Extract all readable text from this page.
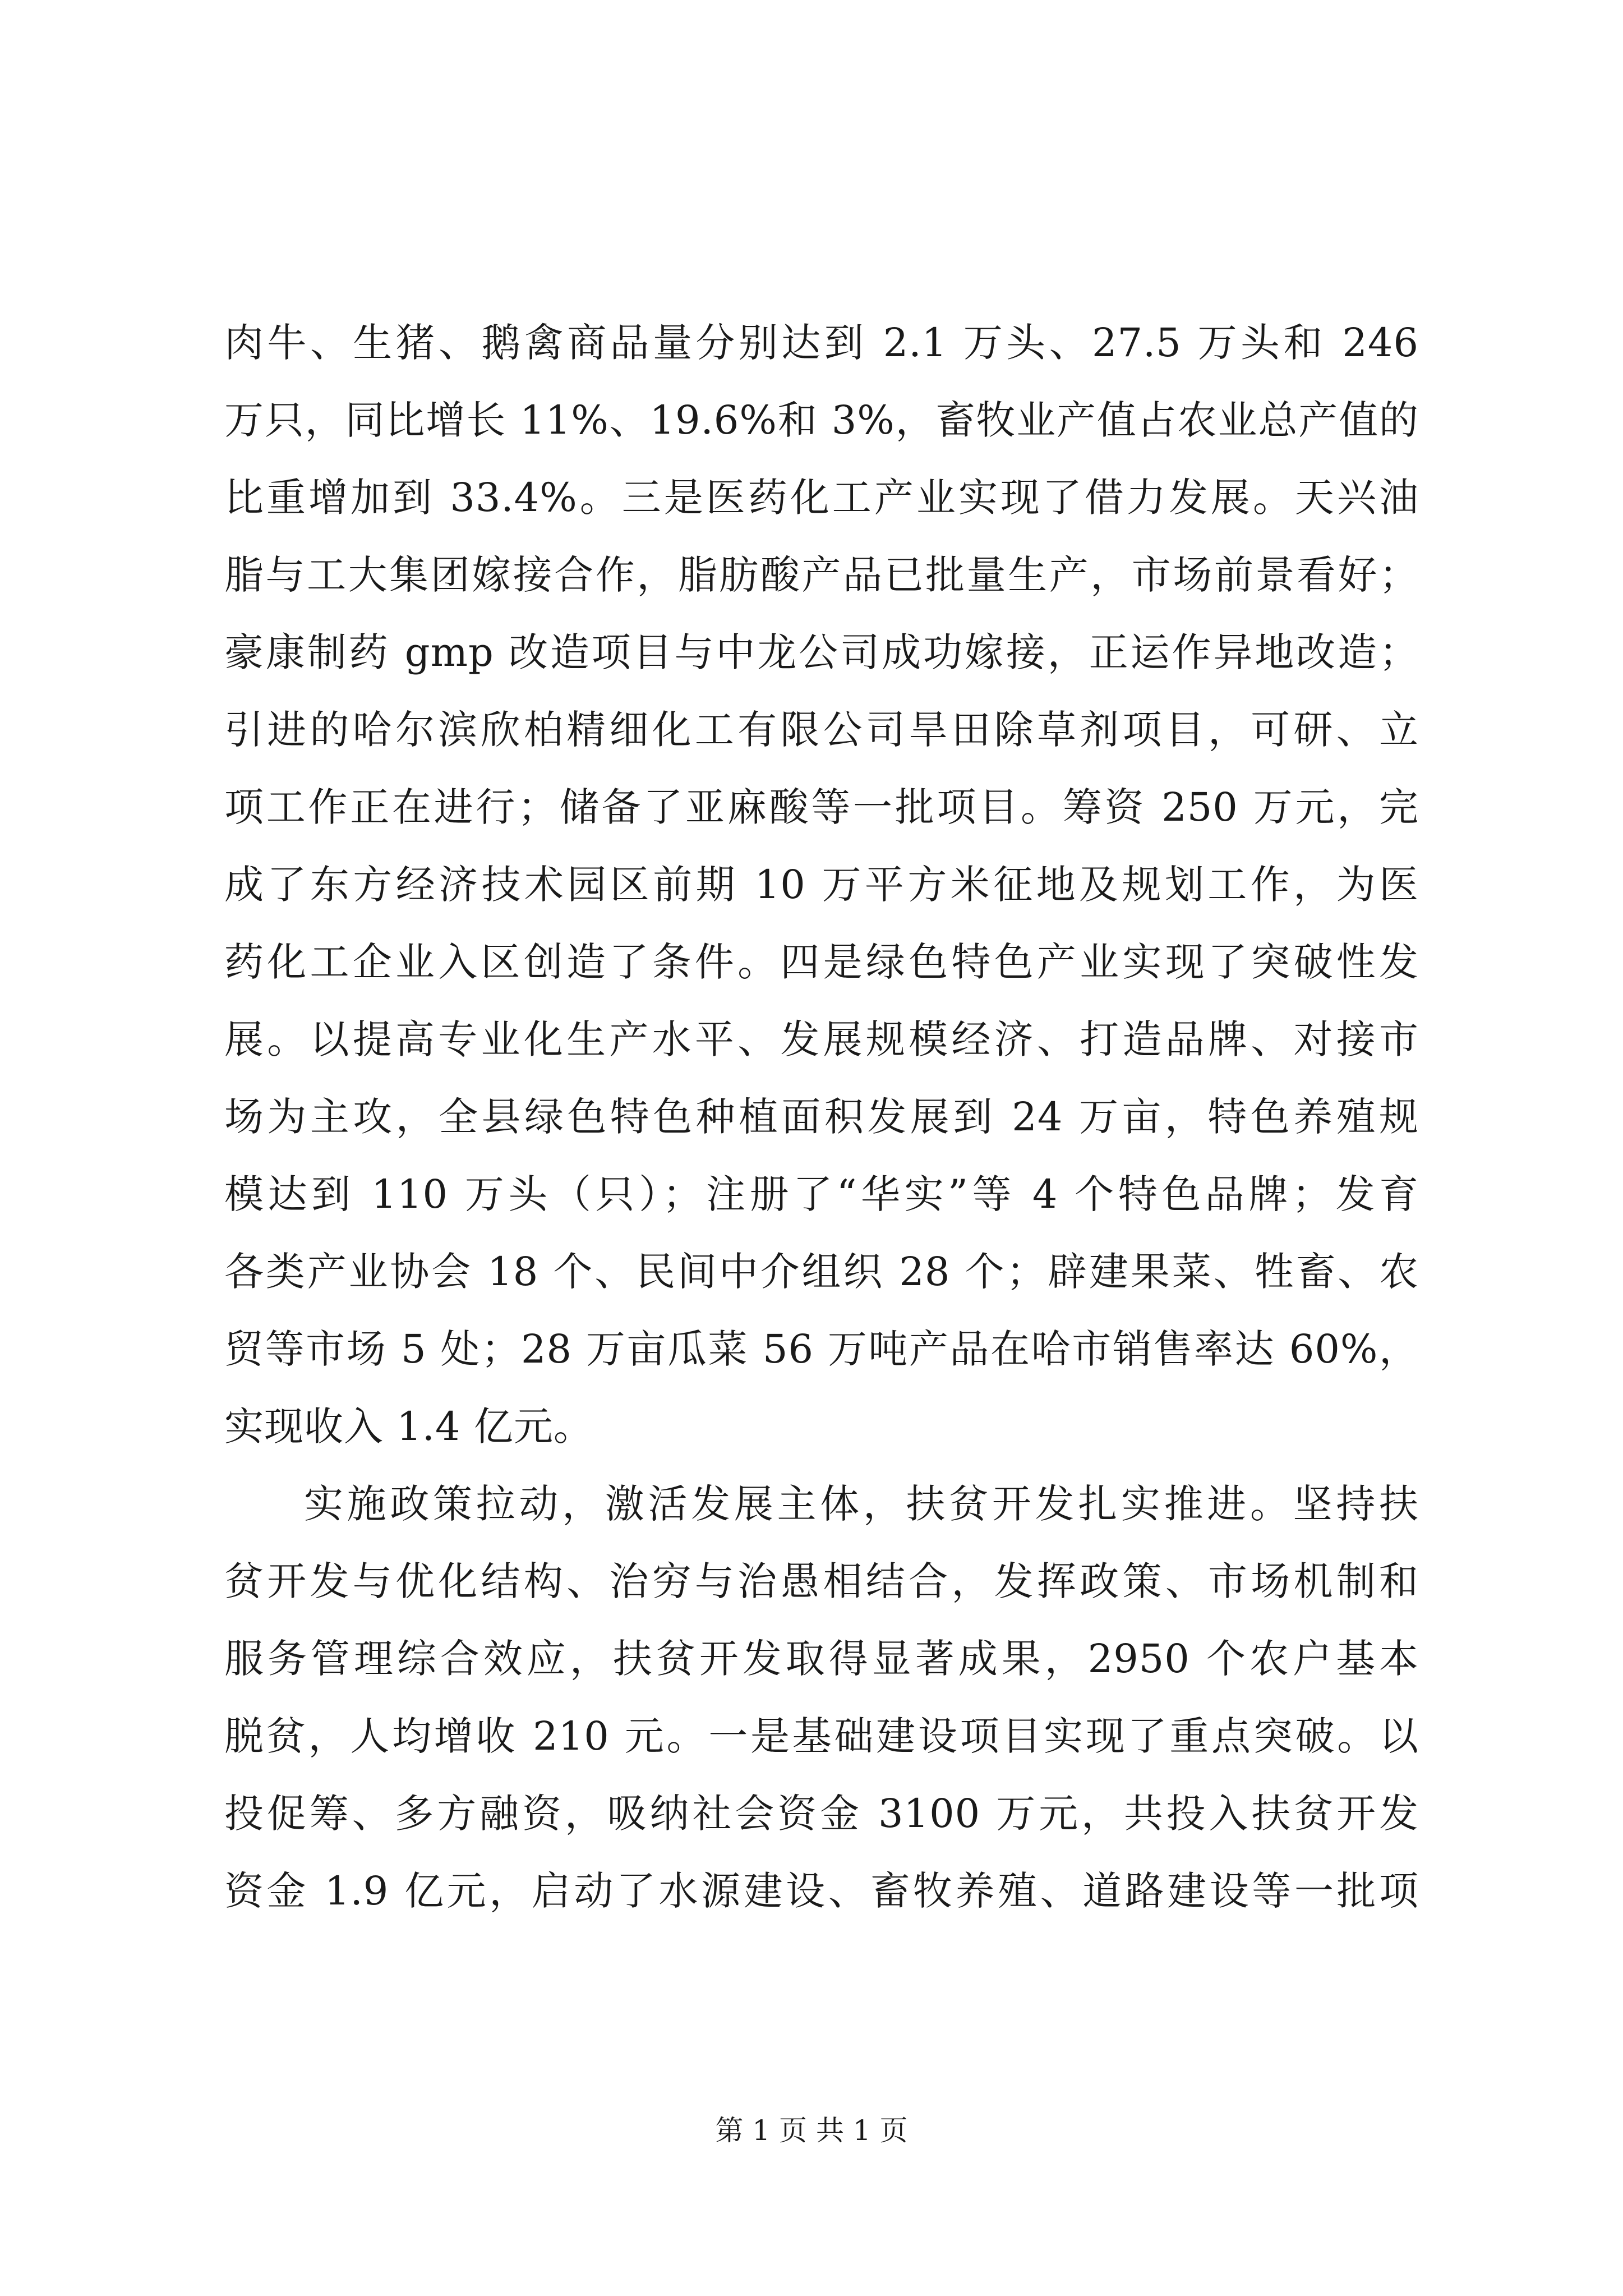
肉牛、生猪、鹅禽商品量分别达到 2.1 万头、27.5 万头和 246
万只，同比增长 11%、19.6%和 3%，畜牧业产值占农业总产值的
比重增加到 33.4%。三是医药化工产业实现了借力发展。天兴油
脂与工大集团嫁接合作，脂肪酸产品已批量生产，市场前景看好；
豪康制药 gmp 改造项目与中龙公司成功嫁接，正运作异地改造；
引进的哈尔滨欣柏精细化工有限公司旱田除草剂项目，可研、立
项工作正在进行；储备了亚麻酸等一批项目。筹资 250 万元，完
成了东方经济技术园区前期 10 万平方米征地及规划工作，为医
药化工企业入区创造了条件。四是绿色特色产业实现了突破性发
展。以提高专业化生产水平、发展规模经济、打造品牌、对接市
场为主攻，全县绿色特色种植面积发展到 24 万亩，特色养殖规
模达到 110 万头（只）；注册了“华实”等 4 个特色品牌；发育
各类产业协会 18 个、民间中介组织 28 个；辟建果菜、牲畜、农
贸等市场 5 处；28 万亩瓜菜 56 万吨产品在哈市销售率达 60%，
实现收入 1.4 亿元。
实施政策拉动，激活发展主体，扶贫开发扎实推进。坚持扶
贫开发与优化结构、治穷与治愚相结合，发挥政策、市场机制和
服务管理综合效应，扶贫开发取得显著成果，2950 个农户基本
脱贫，人均增收 210 元。一是基础建设项目实现了重点突破。以
投促筹、多方融资，吸纳社会资金 3100 万元，共投入扶贫开发
资金 1.9 亿元，启动了水源建设、畜牧养殖、道路建设等一批项
第 1 页 共 1 页
